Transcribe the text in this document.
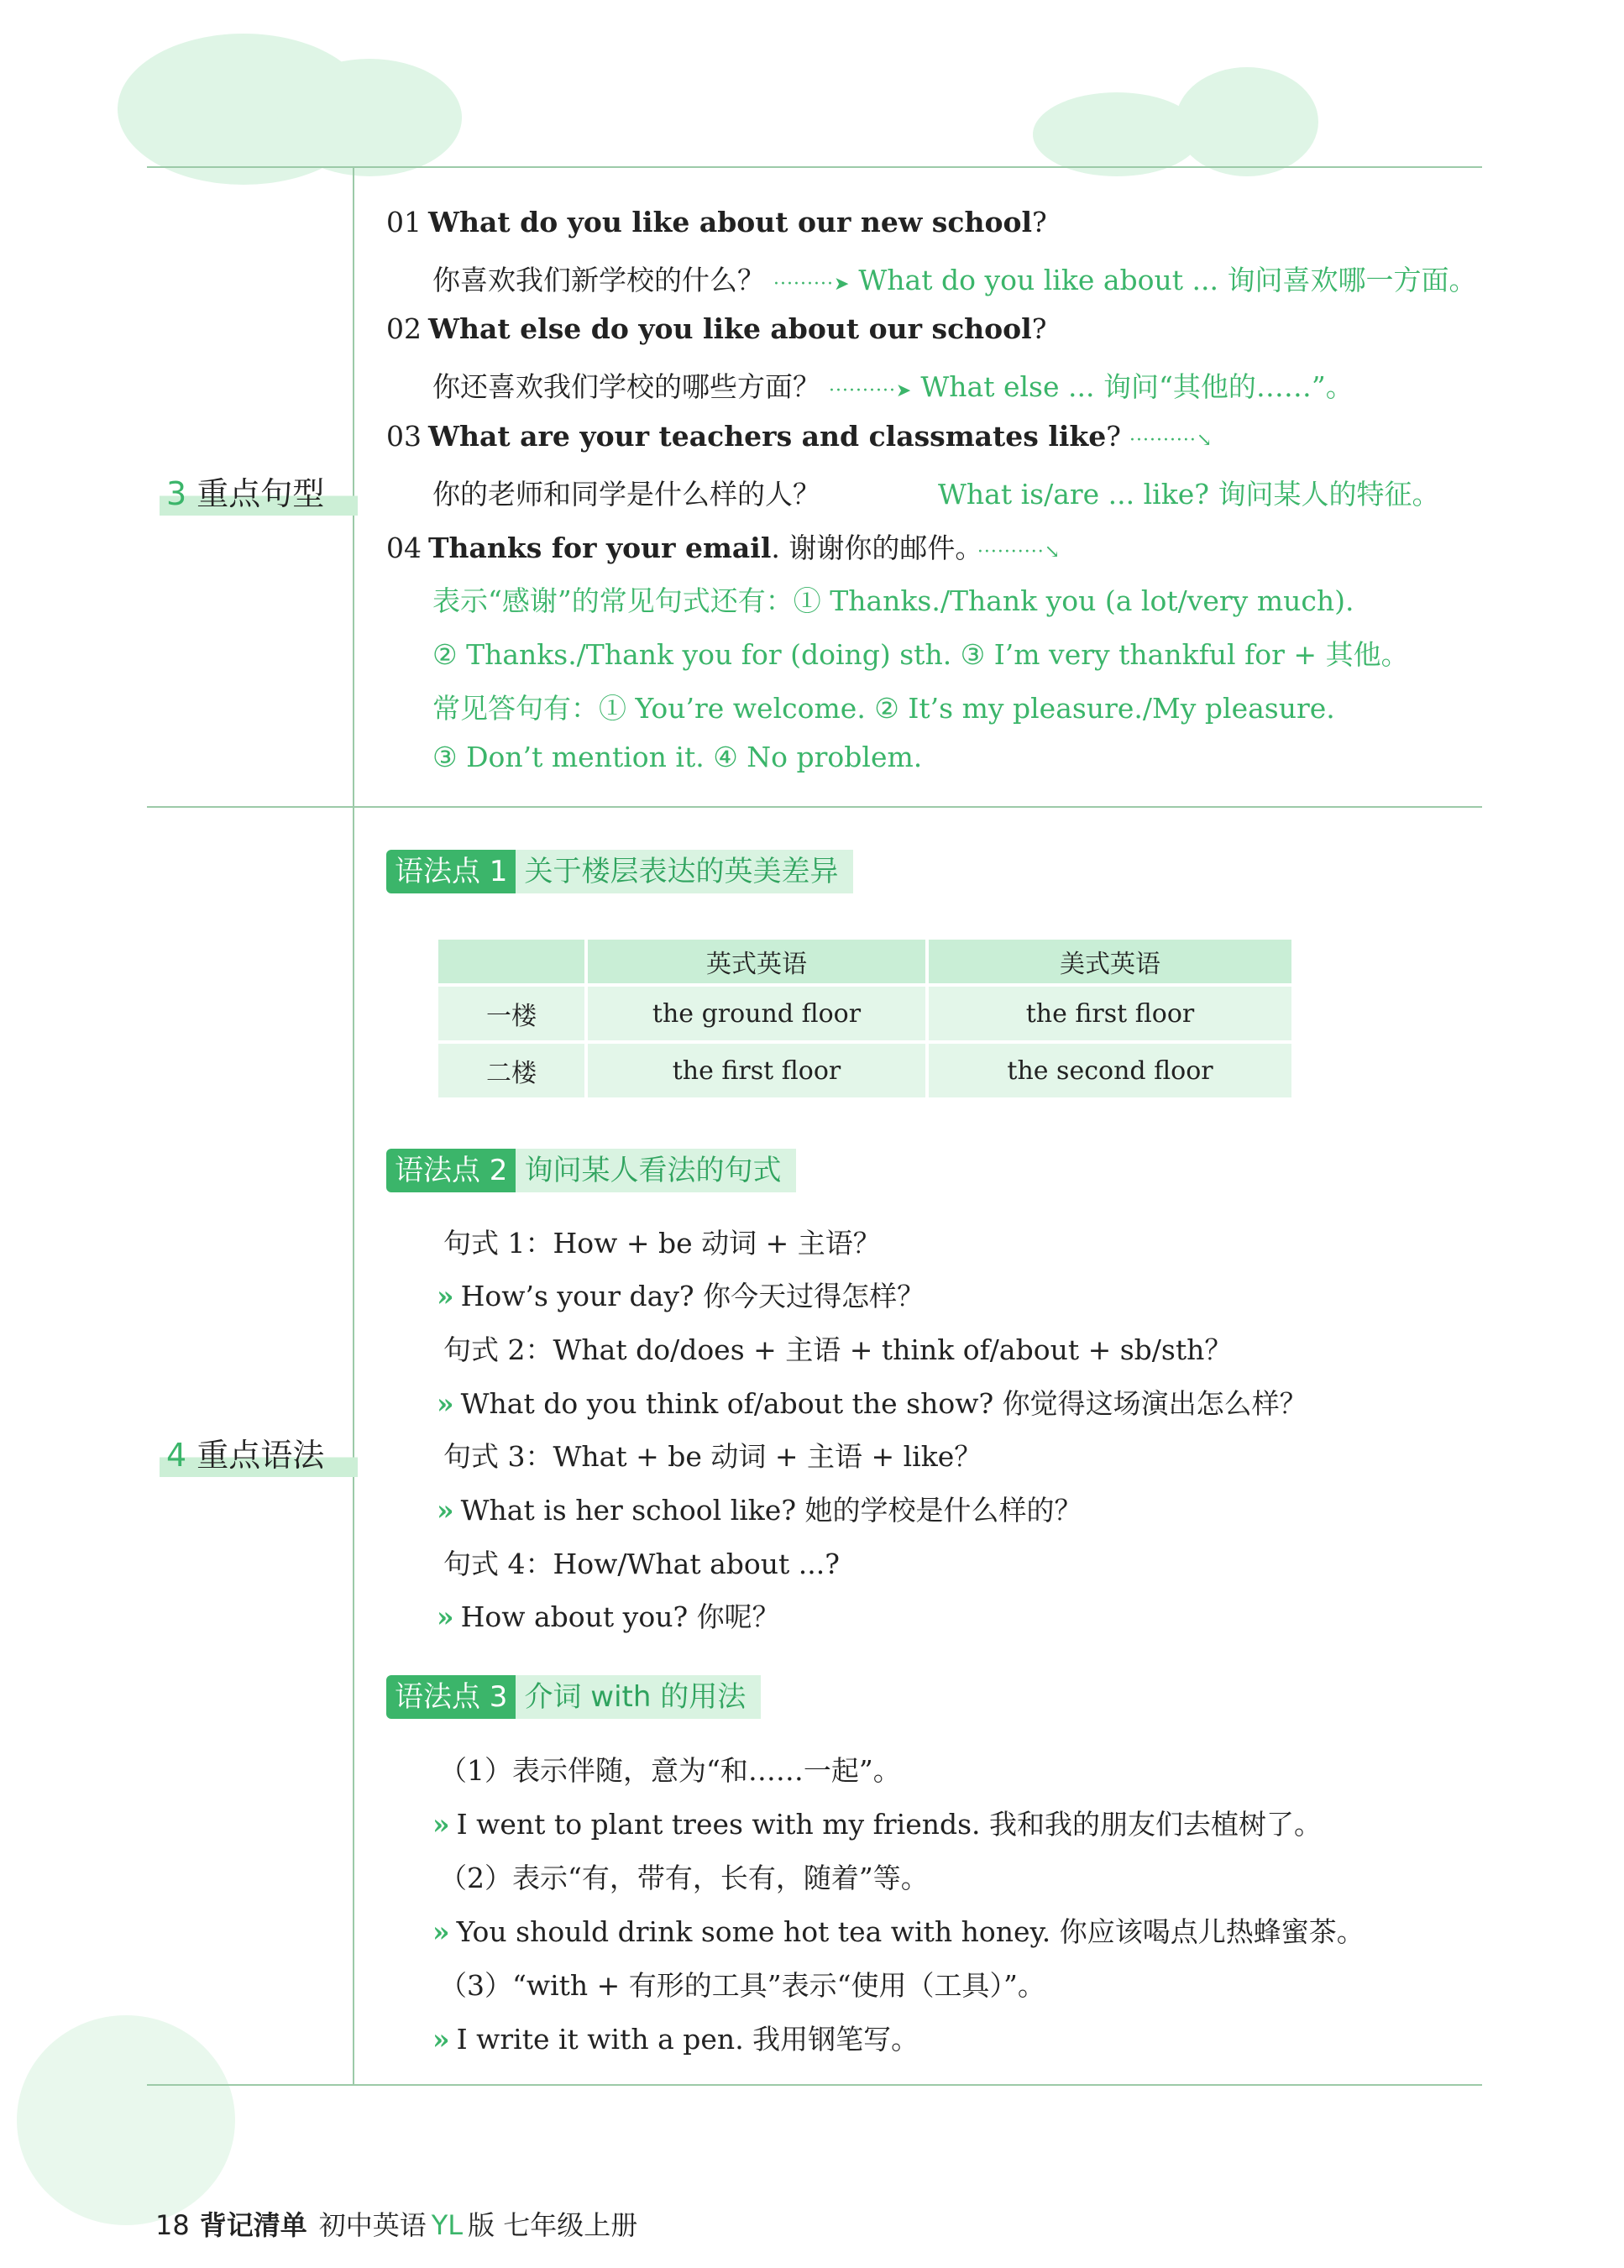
3 重点句型
01 What do you like about our new school?
你喜欢我们新学校的什么？ ·········➤ What do you like about ... 询问喜欢哪一方面。
02 What else do you like about our school?
你还喜欢我们学校的哪些方面？ ··········➤ What else ... 询问“其他的……”。
03 What are your teachers and classmates like? ··········↘
你的老师和同学是什么样的人？	What is/are ... like? 询问某人的特征。
04 Thanks for your email. 谢谢你的邮件。 ··········↘
表示“感谢”的常见句式还有：① Thanks./Thank you (a lot/very much).
② Thanks./Thank you for (doing) sth. ③ I’m very thankful for + 其他。
常见答句有：① You’re welcome. ② It’s my pleasure./My pleasure.
③ Don’t mention it. ④ No problem.
4 重点语法
语法点 1 关于楼层表达的英美差异
	英式英语	美式英语
一楼	the ground floor	the first floor
二楼	the first floor	the second floor
语法点 2 询问某人看法的句式
句式 1：How + be 动词 + 主语？
» How’s your day? 你今天过得怎样？
句式 2：What do/does + 主语 + think of/about + sb/sth？
» What do you think of/about the show? 你觉得这场演出怎么样？
句式 3：What + be 动词 + 主语 + like？
» What is her school like? 她的学校是什么样的？
句式 4：How/What about ...?
» How about you? 你呢？
语法点 3 介词 with 的用法
（1）表示伴随，意为“和……一起”。
» I went to plant trees with my friends. 我和我的朋友们去植树了。
（2）表示“有，带有，长有，随着”等。
» You should drink some hot tea with honey. 你应该喝点儿热蜂蜜茶。
（3）“with + 有形的工具”表示“使用（工具）”。
» I write it with a pen. 我用钢笔写。
18 背记清单 初中英语 YL 版 七年级上册
